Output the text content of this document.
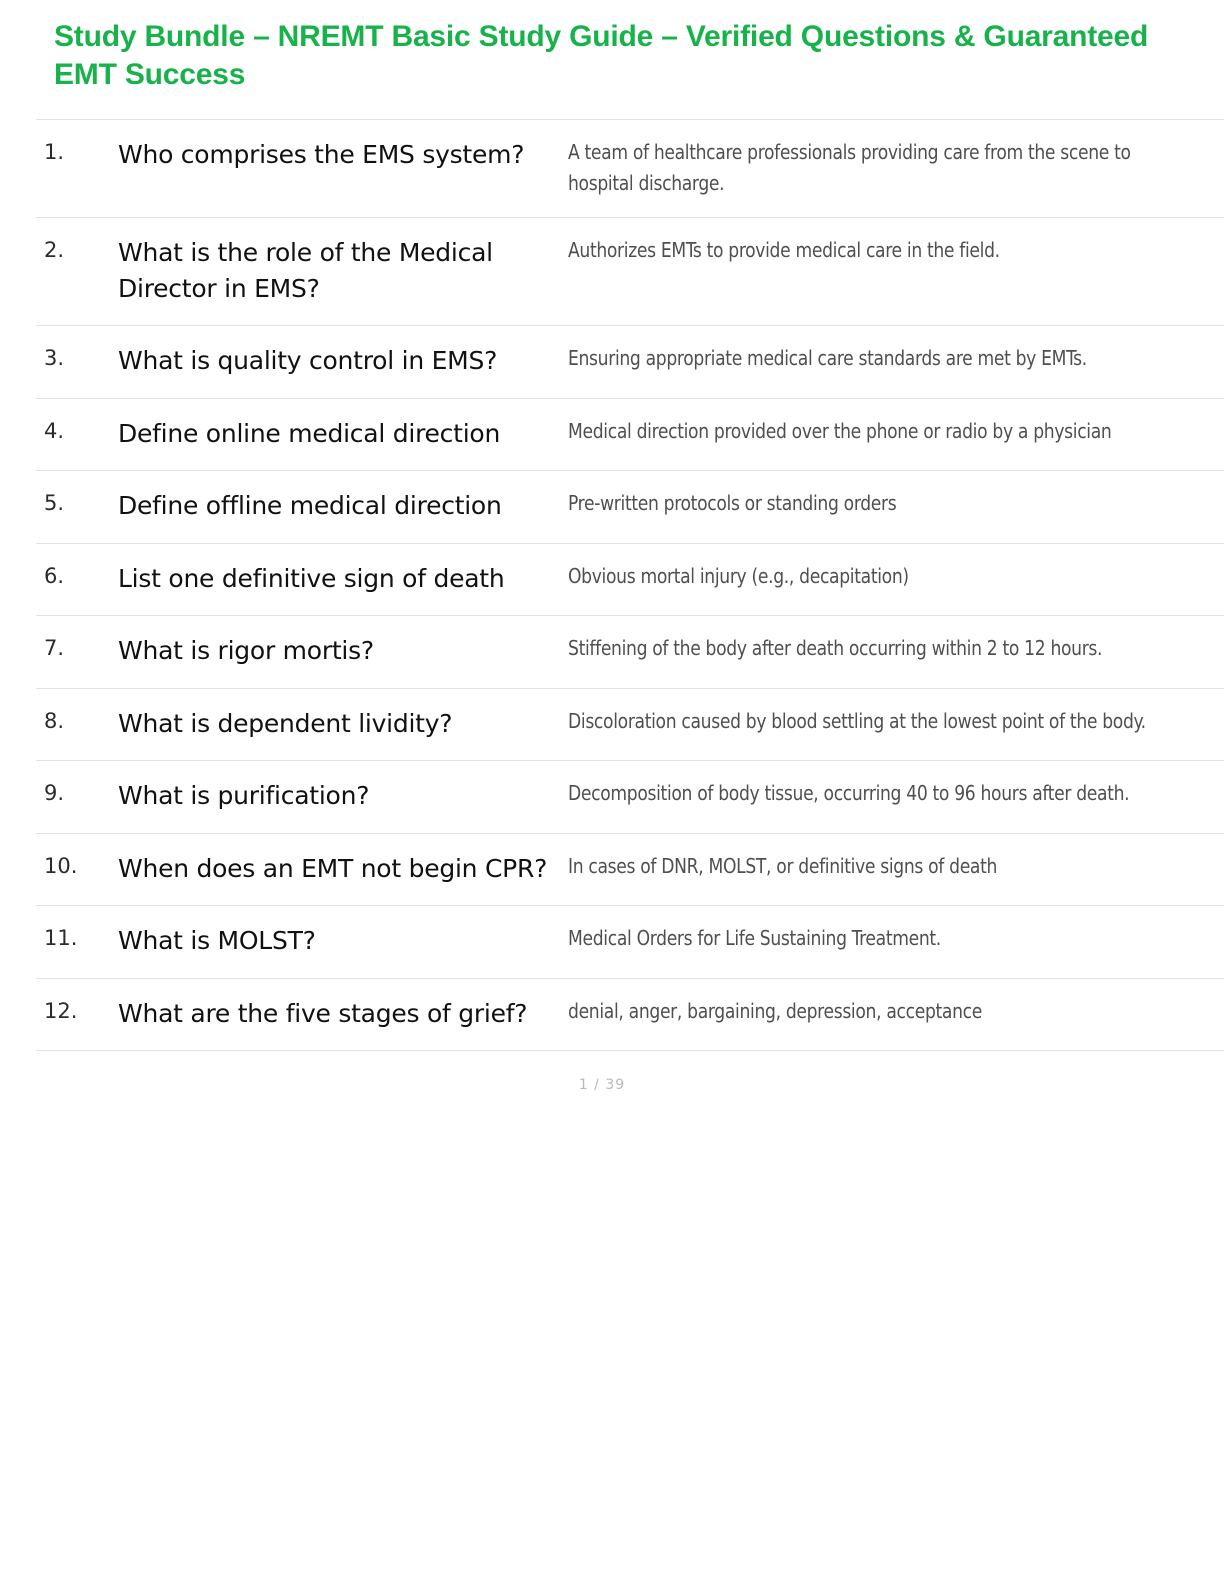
Study Bundle – NREMT Basic Study Guide – Verified Questions & Guaranteed EMT Success
1.	Who comprises the EMS system?	A team of healthcare professionals providing care from the scene to hospital discharge.
2.	What is the role of the Medical Director in EMS?	Authorizes EMTs to provide medical care in the field.
3.	What is quality control in EMS?	Ensuring appropriate medical care standards are met by EMTs.
4.	Define online medical direction	Medical direction provided over the phone or radio by a physician
5.	Define offline medical direction	Pre-written protocols or standing orders
6.	List one definitive sign of death	Obvious mortal injury (e.g., decapitation)
7.	What is rigor mortis?	Stiffening of the body after death occurring within 2 to 12 hours.
8.	What is dependent lividity?	Discoloration caused by blood settling at the lowest point of the body.
9.	What is purification?	Decomposition of body tissue, occurring 40 to 96 hours after death.
10.	When does an EMT not begin CPR?	In cases of DNR, MOLST, or definitive signs of death
11.	What is MOLST?	Medical Orders for Life Sustaining Treatment.
12.	What are the five stages of grief?	denial, anger, bargaining, depression, acceptance
1 / 39
